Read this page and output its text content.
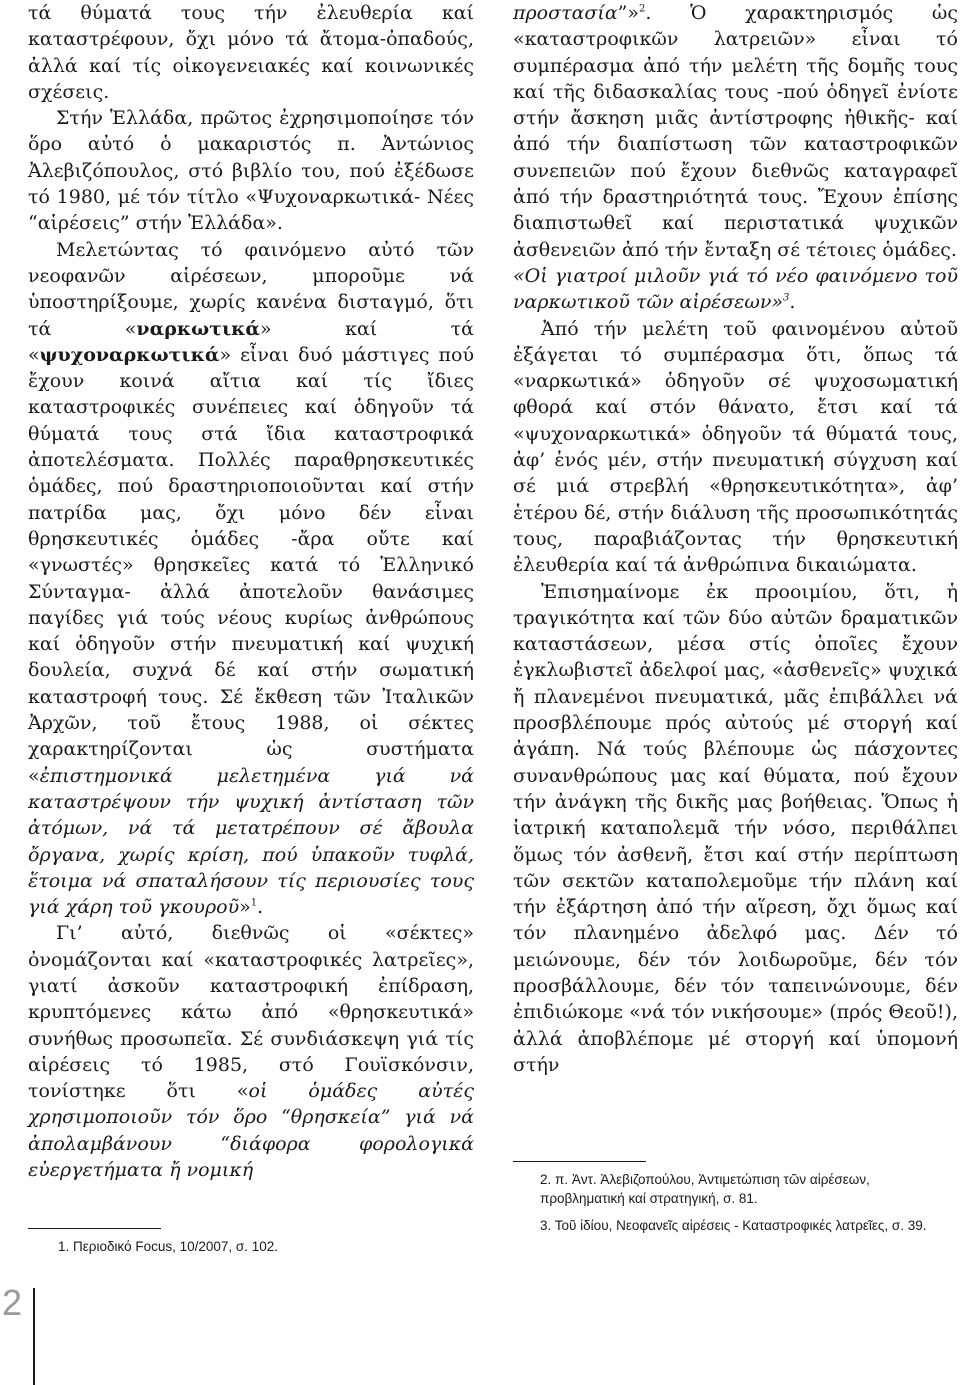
τά θύματά τους τήν ἐλευθερία καί καταστρέφουν, ὄχι μόνο τά ἄτομα-ὀπαδούς, ἀλλά καί τίς οἰκογενειακές καί κοινωνικές σχέσεις.

Στήν Ἑλλάδα, πρῶτος ἐχρησιμοποίησε τόν ὅρο αὐτό ὁ μακαριστός π. Ἀντώνιος Ἀλεβιζόπουλος, στό βιβλίο του, πού ἐξέδωσε τό 1980, μέ τόν τίτλο «Ψυχοναρκωτικά- Νέες “αἱρέσεις” στήν Ἑλλάδα».

Μελετώντας τό φαινόμενο αὐτό τῶν νεοφανῶν αἱρέσεων, μποροῦμε νά ὑποστηρίξουμε, χωρίς κανένα δισταγμό, ὅτι τά «ναρκωτικά» καί τά «ψυχοναρκωτικά» εἶναι δυό μάστιγες πού ἔχουν κοινά αἴτια καί τίς ἴδιες καταστροφικές συνέπειες καί ὁδηγοῦν τά θύματά τους στά ἴδια καταστροφικά ἀποτελέσματα. Πολλές παραθρησκευτικές ὁμάδες, πού δραστηριοποιοῦνται καί στήν πατρίδα μας, ὄχι μόνο δέν εἶναι θρησκευτικές ὁμάδες -ἄρα οὔτε καί «γνωστές» θρησκεῖες κατά τό Ἑλληνικό Σύνταγμα- ἀλλά ἀποτελοῦν θανάσιμες παγίδες γιά τούς νέους κυρίως ἀνθρώπους καί ὁδηγοῦν στήν πνευματική καί ψυχική δουλεία, συχνά δέ καί στήν σωματική καταστροφή τους. Σέ ἔκθεση τῶν Ἰταλικῶν Ἀρχῶν, τοῦ ἔτους 1988, οἱ σέκτες χαρακτηρίζονται ὡς συστήματα «ἐπιστημονικά μελετημένα γιά νά καταστρέψουν τήν ψυχική ἀντίσταση τῶν ἀτόμων, νά τά μετατρέπουν σέ ἄβουλα ὄργανα, χωρίς κρίση, πού ὑπακοῦν τυφλά, ἕτοιμα νά σπαταλήσουν τίς περιουσίες τους γιά χάρη τοῦ γκουροῦ»$^1$.

Γι’ αὐτό, διεθνῶς οἱ «σέκτες» ὀνομάζονται καί «καταστροφικές λατρεῖες», γιατί ἀσκοῦν καταστροφική ἐπίδραση, κρυπτόμενες κάτω ἀπό «θρησκευτικά» συνήθως προσωπεῖα. Σέ συνδιάσκεψη γιά τίς αἱρέσεις τό 1985, στό Γουϊσκόνσιν, τονίστηκε ὅτι «οἱ ὁμάδες αὐτές χρησιμοποιοῦν τόν ὅρο “θρησκεία” γιά νά ἀπολαμβάνουν “διάφορα φορολογικά εὐεργετήματα ἤ νομική

1. Περιοδικό Focus, 10/2007, σ. 102.

προστασία”»$^2$. Ὁ χαρακτηρισμός ὡς «καταστροφικῶν λατρειῶν» εἶναι τό συμπέρασμα ἀπό τήν μελέτη τῆς δομῆς τους καί τῆς διδασκαλίας τους -πού ὁδηγεῖ ἐνίοτε στήν ἄσκηση μιᾶς ἀντίστροφης ἠθικῆς- καί ἀπό τήν διαπίστωση τῶν καταστροφικῶν συνεπειῶν πού ἔχουν διεθνῶς καταγραφεῖ ἀπό τήν δραστηριότητά τους. Ἔχουν ἐπίσης διαπιστωθεῖ καί περιστατικά ψυχικῶν ἀσθενειῶν ἀπό τήν ἔνταξη σέ τέτοιες ὁμάδες.

«Οἱ γιατροί μιλοῦν γιά τό νέο φαινόμενο τοῦ ναρκωτικοῦ τῶν αἱρέσεων»$^3$.

Ἀπό τήν μελέτη τοῦ φαινομένου αὐτοῦ ἐξάγεται τό συμπέρασμα ὅτι, ὅπως τά «ναρκωτικά» ὁδηγοῦν σέ ψυχοσωματική φθορά καί στόν θάνατο, ἔτσι καί τά «ψυχοναρκωτικά» ὁδηγοῦν τά θύματά τους, ἀφ’ ἑνός μέν, στήν πνευματική σύγχυση καί σέ μιά στρεβλή «θρησκευτικότητα», ἀφ’ ἑτέρου δέ, στήν διάλυση τῆς προσωπικότητάς τους, παραβιάζοντας τήν θρησκευτική ἐλευθερία καί τά ἀνθρώπινα δικαιώματα.

Ἐπισημαίνομε ἐκ προοιμίου, ὅτι, ἡ τραγικότητα καί τῶν δύο αὐτῶν δραματικῶν καταστάσεων, μέσα στίς ὁποῖες ἔχουν ἐγκλωβιστεῖ ἀδελφοί μας, «ἀσθενεῖς» ψυχικά ἤ πλανεμένοι πνευματικά, μᾶς ἐπιβάλλει νά προσβλέπουμε πρός αὐτούς μέ στοργή καί ἀγάπη. Νά τούς βλέπουμε ὡς πάσχοντες συνανθρώπους μας καί θύματα, πού ἔχουν τήν ἀνάγκη τῆς δικῆς μας βοήθειας. Ὅπως ἡ ἰατρική καταπολεμᾶ τήν νόσο, περιθάλπει ὅμως τόν ἀσθενῆ, ἔτσι καί στήν περίπτωση τῶν σεκτῶν καταπολεμοῦμε τήν πλάνη καί τήν ἐξάρτηση ἀπό τήν αἵρεση, ὄχι ὅμως καί τόν πλανημένο ἀδελφό μας. Δέν τό μειώνουμε, δέν τόν λοιδωροῦμε, δέν τόν προσβάλλουμε, δέν τόν ταπεινώνουμε, δέν ἐπιδιώκομε «νά τόν νικήσουμε» (πρός Θεοῦ!), ἀλλά ἀποβλέπομε μέ στοργή καί ὑπομονή στήν

2. π. Ἀντ. Ἀλεβιζοπούλου, Ἀντιμετώπιση τῶν αἱρέσεων, προβληματική καί στρατηγική, σ. 81.
3. Τοῦ ἰδίου, Νεοφανεῖς αἱρέσεις - Καταστροφικές λατρεῖες, σ. 39.
2
